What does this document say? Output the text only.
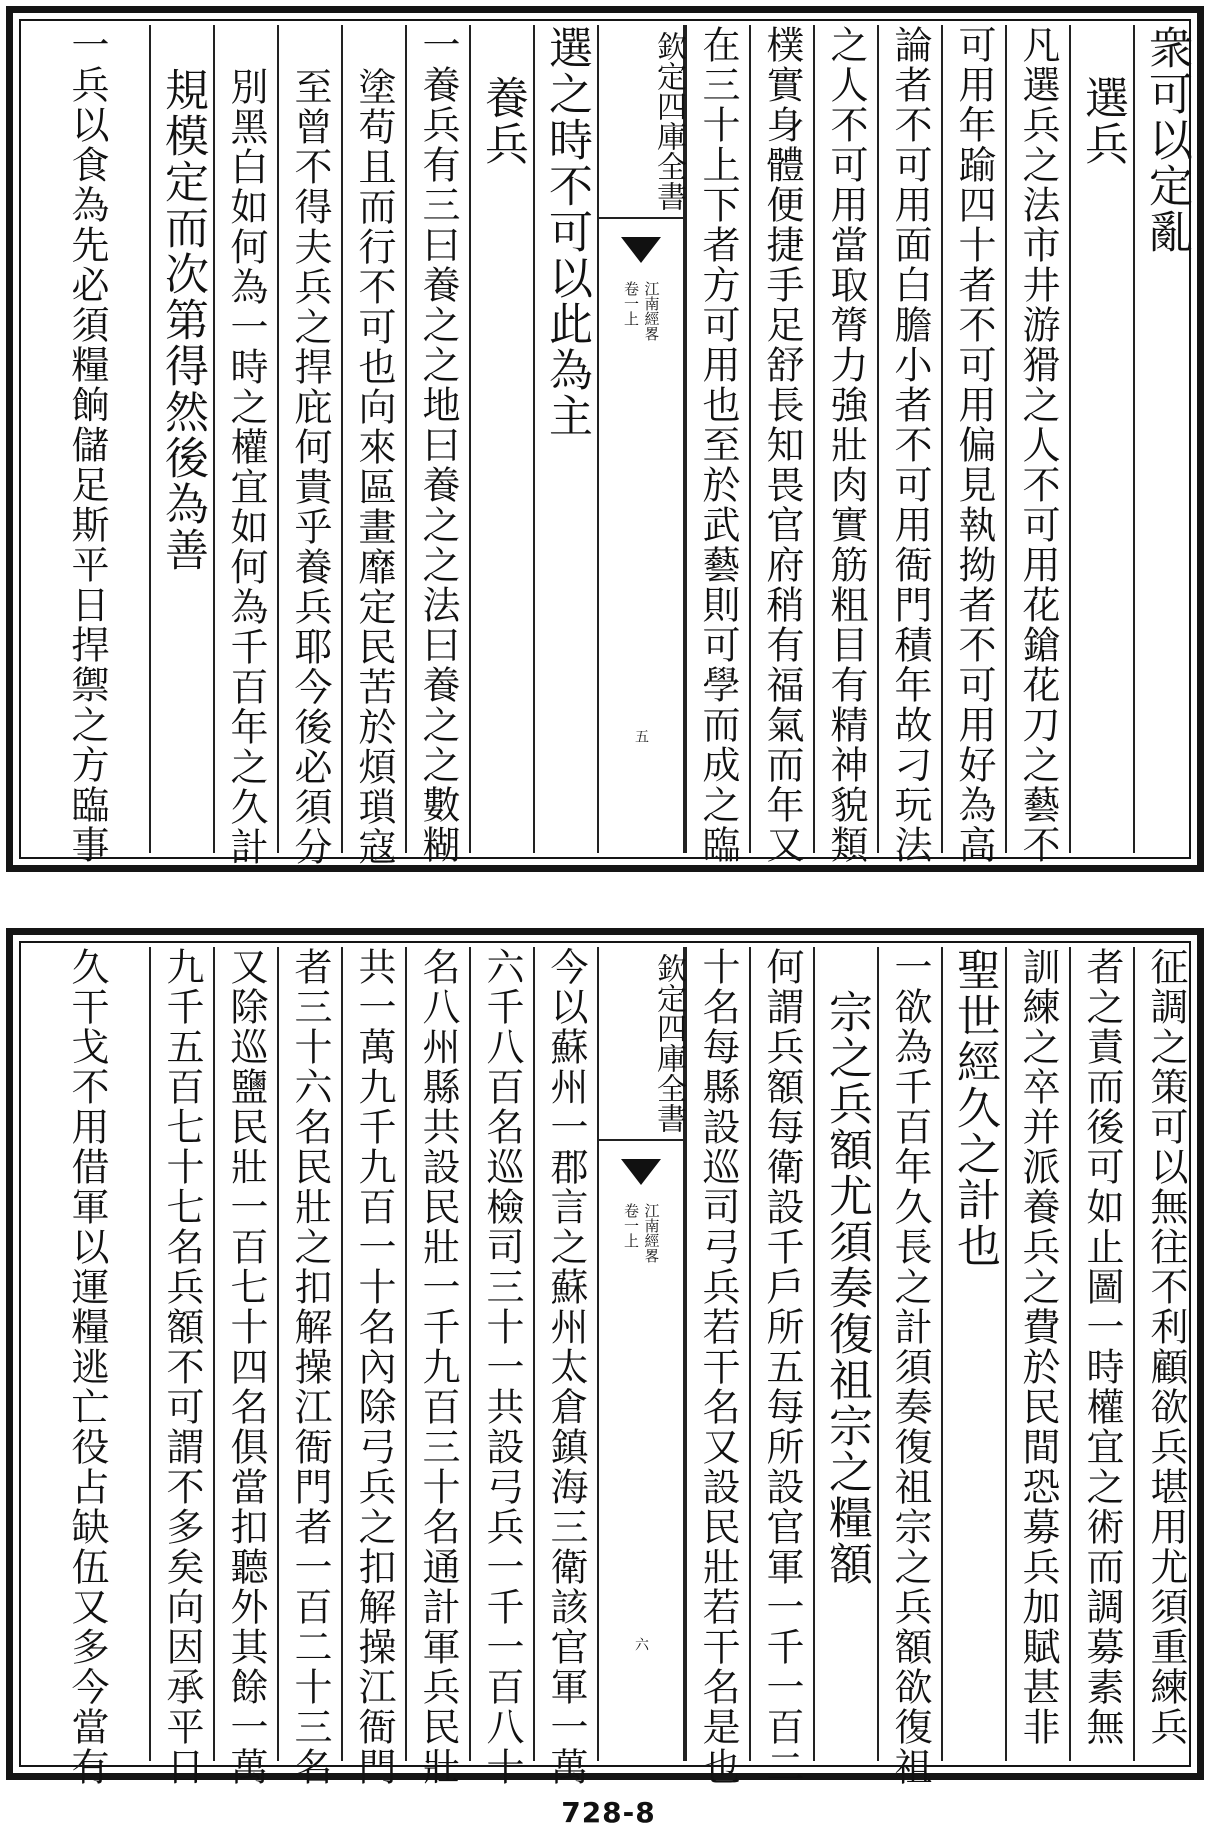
衆可以定亂
選兵
凡選兵之法市井游猾之人不可用花鎗花刀之藝不
可用年踰四十者不可用偏見執拗者不可用好為高
論者不可用面白膽小者不可用衙門積年故刁玩法
之人不可用當取膂力強壯肉實筋粗目有精神貌類
樸實身體便捷手足舒長知畏官府稍有福氣而年又
在三十上下者方可用也至於武藝則可學而成之臨
欽定四庫全書
江南經畧
卷一上
五
選之時不可以此為主
養兵
一養兵有三曰養之之地曰養之之法曰養之之數糊
塗苟且而行不可也向來區畫靡定民苦於煩瑣寇
至曾不得夫兵之捍庇何貴乎養兵耶今後必須分
別黑白如何為一時之權宜如何為千百年之久計
規模定而次第得然後為善
一兵以食為先必須糧餉儲足斯平日捍禦之方臨事
征調之策可以無往不利顧欲兵堪用尤須重練兵
者之責而後可如止圖一時權宜之術而調募素無
訓練之卒并派養兵之費於民間恐募兵加賦甚非
聖世經久之計也
一欲為千百年久長之計須奏復祖宗之兵額欲復祖
宗之兵額尤須奏復祖宗之糧額
何謂兵額每衛設千戶所五每所設官軍一千一百二
十名每縣設巡司弓兵若干名又設民壯若干名是也
欽定四庫全書
江南經畧
卷一上
六
今以蘇州一郡言之蘇州太倉鎮海三衛該官軍一萬
六千八百名巡檢司三十一共設弓兵一千一百八十
名八州縣共設民壯一千九百三十名通計軍兵民壯
共一萬九千九百一十名內除弓兵之扣解操江衙門
者三十六名民壯之扣解操江衙門者一百二十三名
又除巡鹽民壯一百七十四名俱當扣聽外其餘一萬
九千五百七十七名兵額不可謂不多矣向因承平日
久干戈不用借軍以運糧逃亡役占缺伍又多今當有
728-8
